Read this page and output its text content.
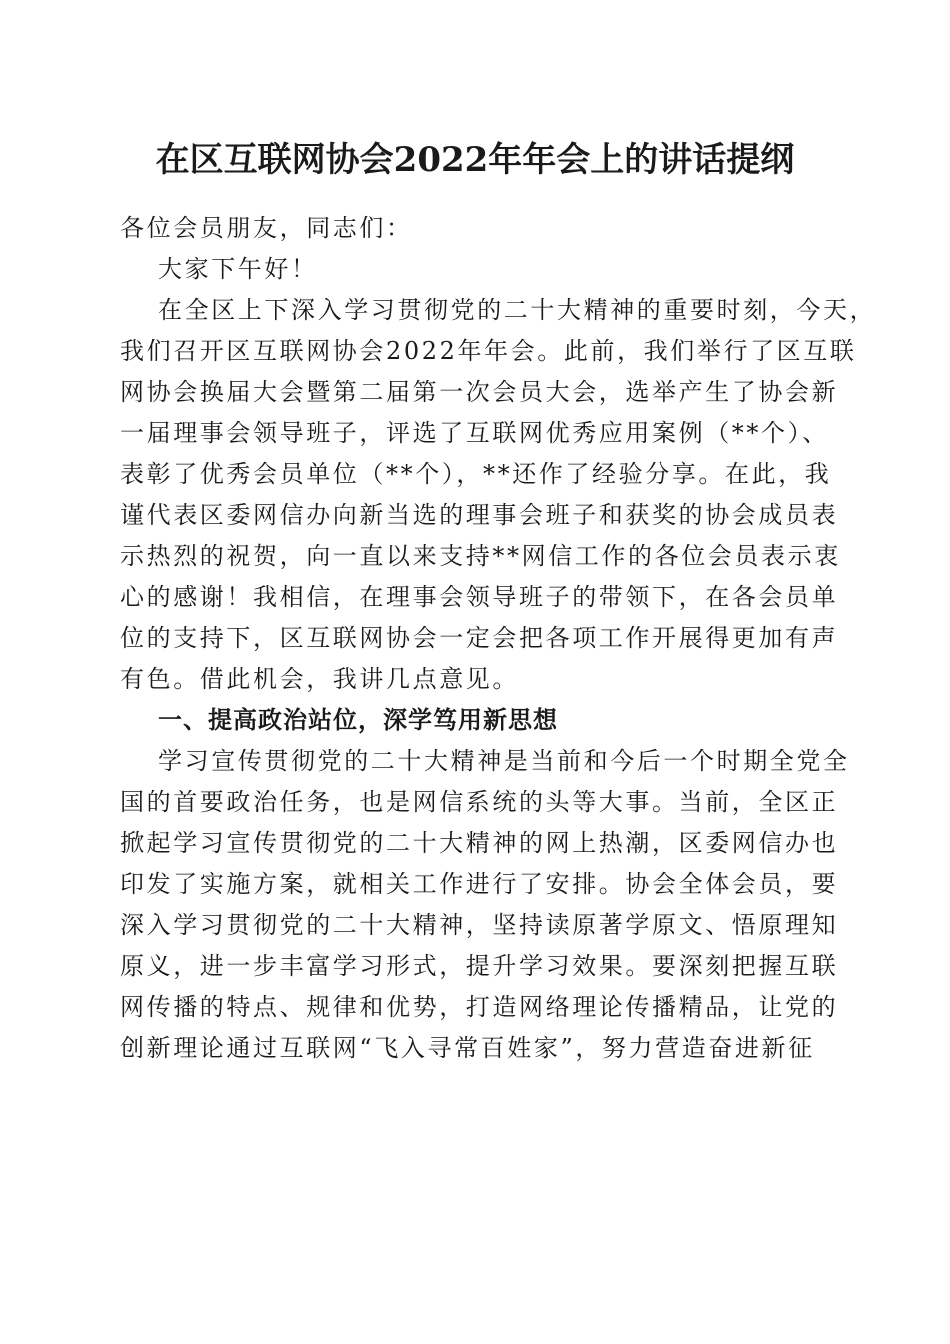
在区互联网协会2022年年会上的讲话提纲

各位会员朋友，同志们：

大家下午好！

在全区上下深入学习贯彻党的二十大精神的重要时刻，今天，
我们召开区互联网协会2022年年会。此前，我们举行了区互联
网协会换届大会暨第二届第一次会员大会，选举产生了协会新
一届理事会领导班子，评选了互联网优秀应用案例（**个）、
表彰了优秀会员单位（**个），**还作了经验分享。在此，我
谨代表区委网信办向新当选的理事会班子和获奖的协会成员表
示热烈的祝贺，向一直以来支持**网信工作的各位会员表示衷
心的感谢！我相信，在理事会领导班子的带领下，在各会员单
位的支持下，区互联网协会一定会把各项工作开展得更加有声
有色。借此机会，我讲几点意见。
一、提高政治站位，深学笃用新思想
学习宣传贯彻党的二十大精神是当前和今后一个时期全党全
国的首要政治任务，也是网信系统的头等大事。当前，全区正
掀起学习宣传贯彻党的二十大精神的网上热潮，区委网信办也
印发了实施方案，就相关工作进行了安排。协会全体会员，要
深入学习贯彻党的二十大精神，坚持读原著学原文、悟原理知
原义，进一步丰富学习形式，提升学习效果。要深刻把握互联
网传播的特点、规律和优势，打造网络理论传播精品，让党的
创新理论通过互联网“飞入寻常百姓家”，努力营造奋进新征
